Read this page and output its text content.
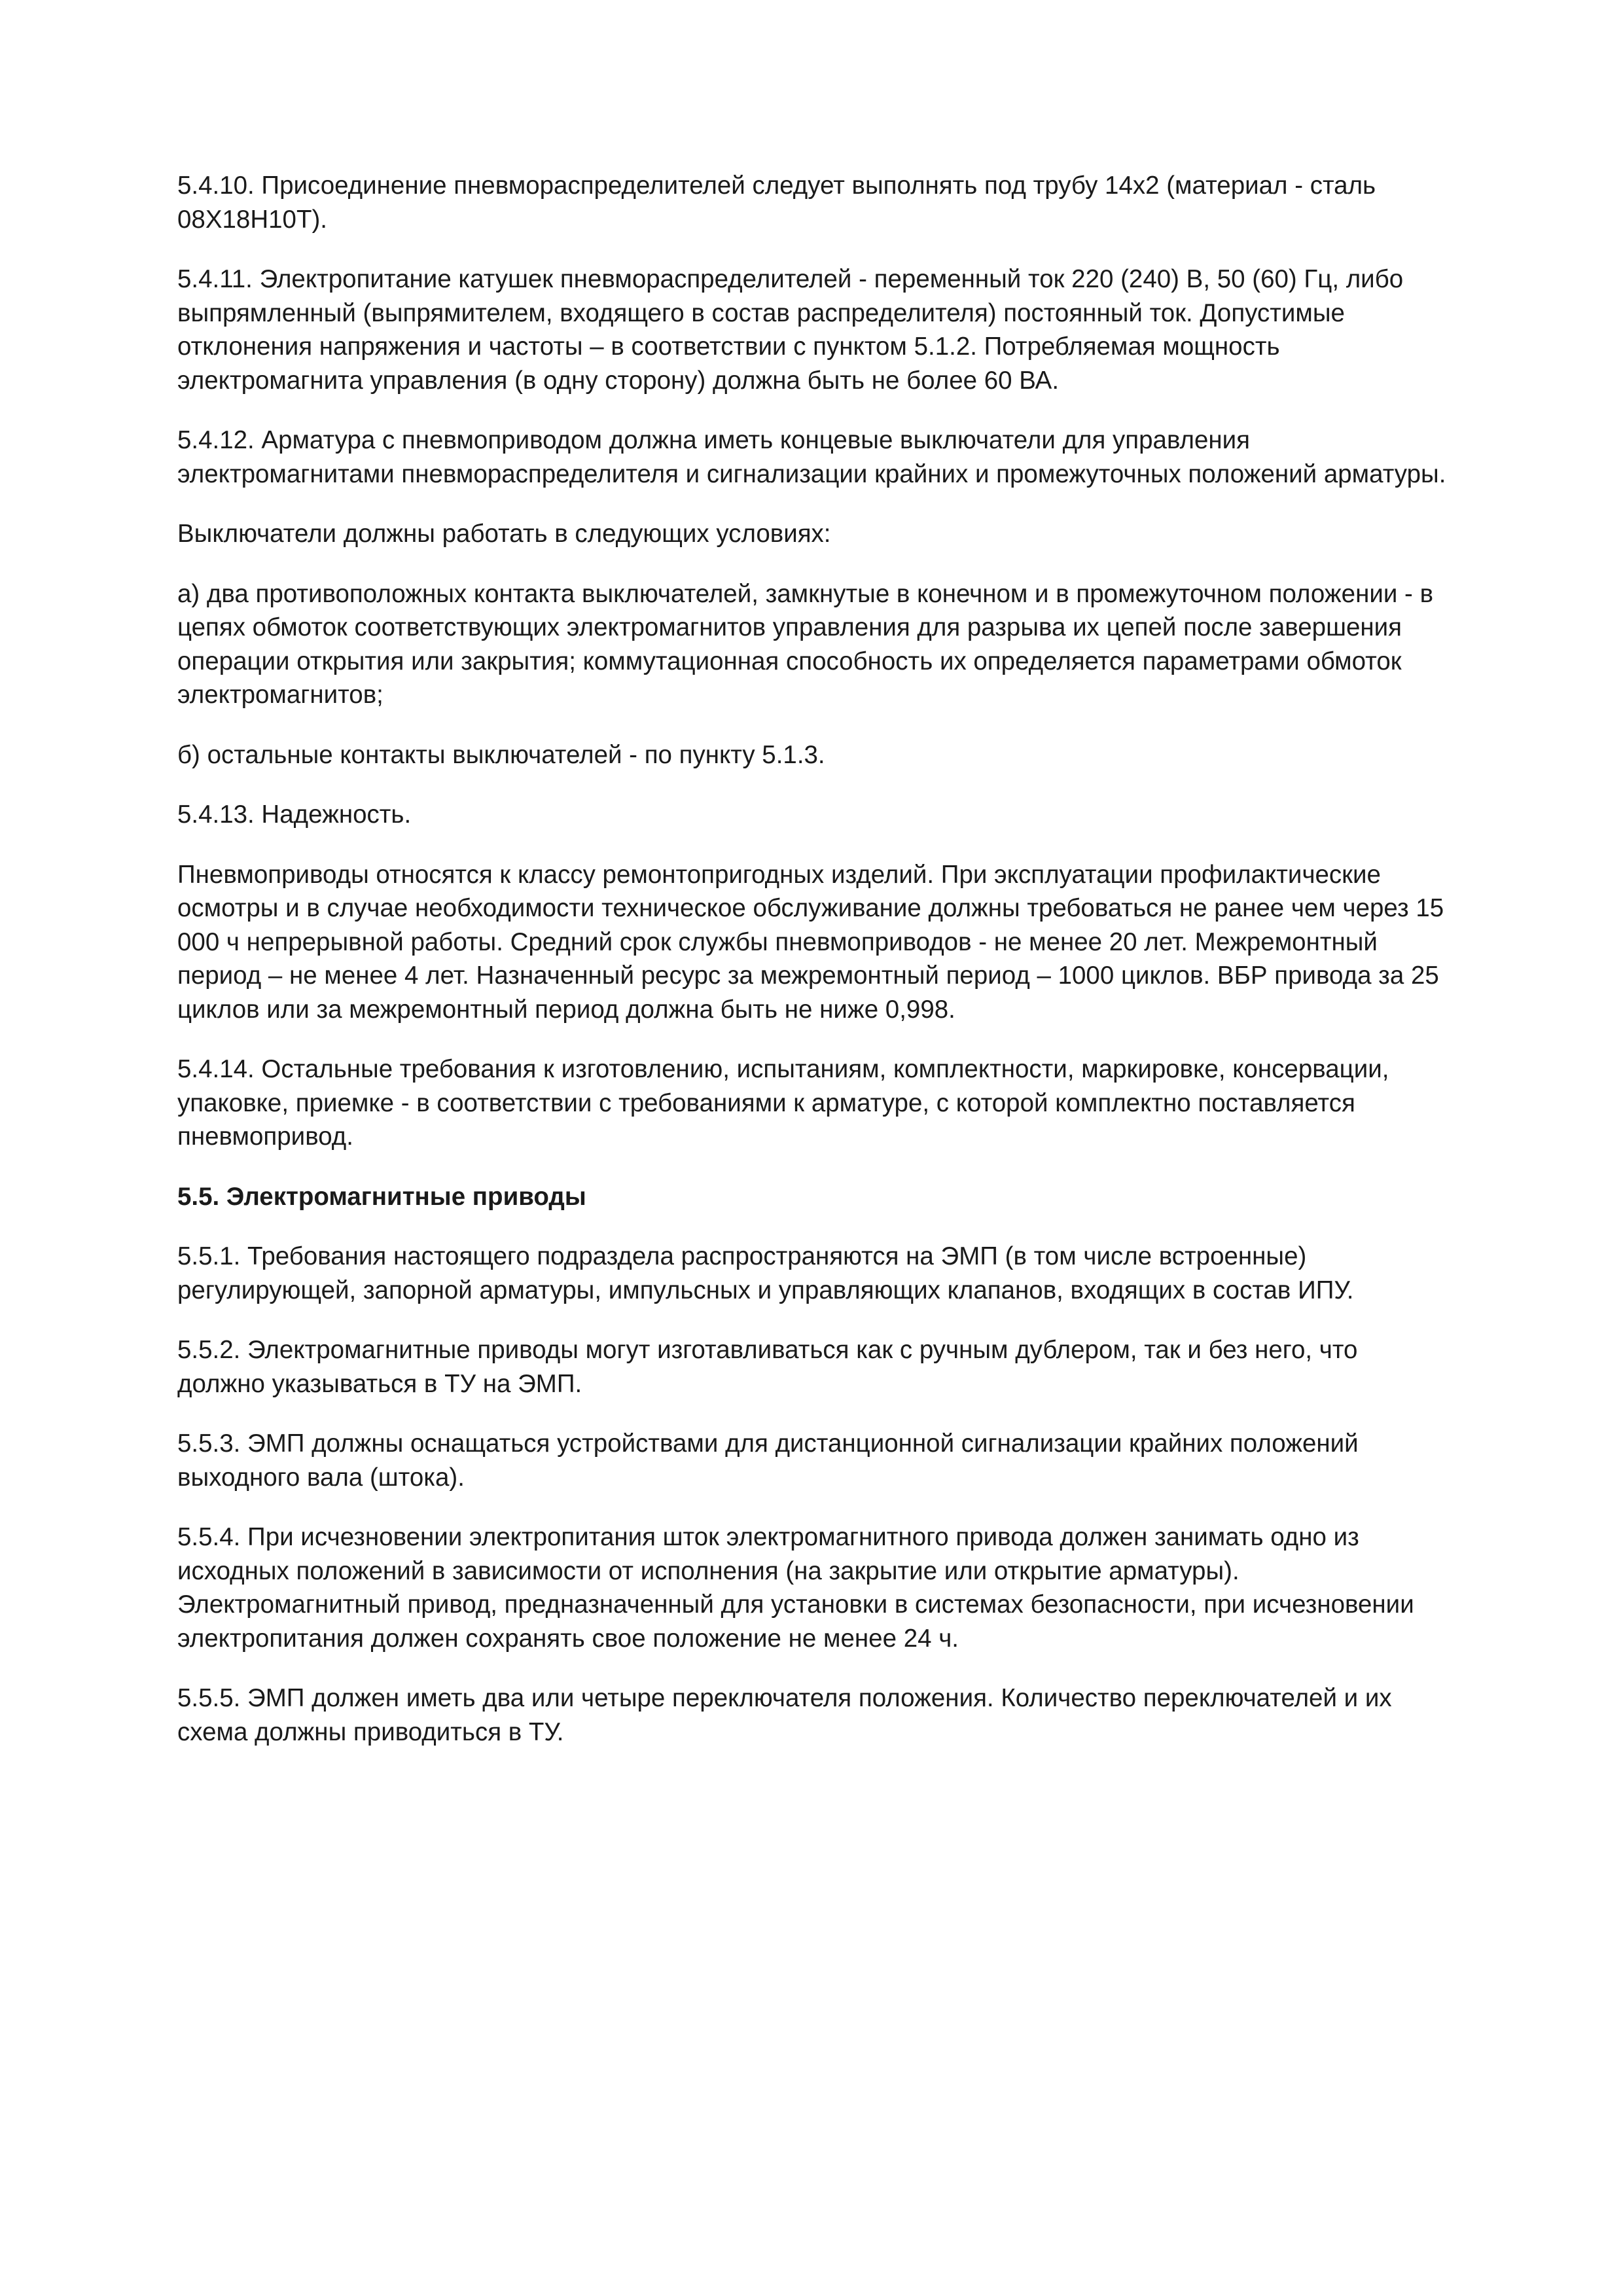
5.4.10. Присоединение пневмораспределителей следует выполнять под трубу 14х2 (материал - сталь 08Х18Н10Т).

5.4.11. Электропитание катушек пневмораспределителей - переменный ток 220 (240) В, 50 (60) Гц, либо выпрямленный (выпрямителем, входящего в состав распределителя) постоянный ток. Допустимые отклонения напряжения и частоты – в соответствии с пунктом 5.1.2. Потребляемая мощность электромагнита управления (в одну сторону) должна быть не более 60 ВА.

5.4.12. Арматура с пневмоприводом должна иметь концевые выключатели для управления электромагнитами пневмораспределителя и сигнализации крайних и промежуточных положений арматуры.

Выключатели должны работать в следующих условиях:

а) два противоположных контакта выключателей, замкнутые в конечном и в промежуточном положении - в цепях обмоток соответствующих электромагнитов управления для разрыва их цепей после завершения операции открытия или закрытия; коммутационная способность их определяется параметрами обмоток электромагнитов;

б) остальные контакты выключателей - по пункту 5.1.3.

5.4.13. Надежность.

Пневмоприводы относятся к классу ремонтопригодных изделий. При эксплуатации профилактические осмотры и в случае необходимости техническое обслуживание должны требоваться не ранее чем через 15 000 ч непрерывной работы. Средний срок службы пневмоприводов - не менее 20 лет. Межремонтный период – не менее 4 лет. Назначенный ресурс за межремонтный период – 1000 циклов. ВБР привода за 25 циклов или за межремонтный период должна быть не ниже 0,998.

5.4.14. Остальные требования к изготовлению, испытаниям, комплектности, маркировке, консервации, упаковке, приемке - в соответствии с требованиями к арматуре, с которой комплектно поставляется пневмопривод.

5.5. Электромагнитные приводы

5.5.1. Требования настоящего подраздела распространяются на ЭМП (в том числе встроенные) регулирующей, запорной арматуры, импульсных и управляющих клапанов, входящих в состав ИПУ.

5.5.2. Электромагнитные приводы могут изготавливаться как с ручным дублером, так и без него, что должно указываться в ТУ на ЭМП.

5.5.3. ЭМП должны оснащаться устройствами для дистанционной сигнализации крайних положений выходного вала (штока).

5.5.4. При исчезновении электропитания шток электромагнитного привода должен занимать одно из исходных положений в зависимости от исполнения (на закрытие или открытие арматуры). Электромагнитный привод, предназначенный для установки в системах безопасности, при исчезновении электропитания должен сохранять свое положение не менее 24 ч.

5.5.5. ЭМП должен иметь два или четыре переключателя положения. Количество переключателей и их схема должны приводиться в ТУ.
